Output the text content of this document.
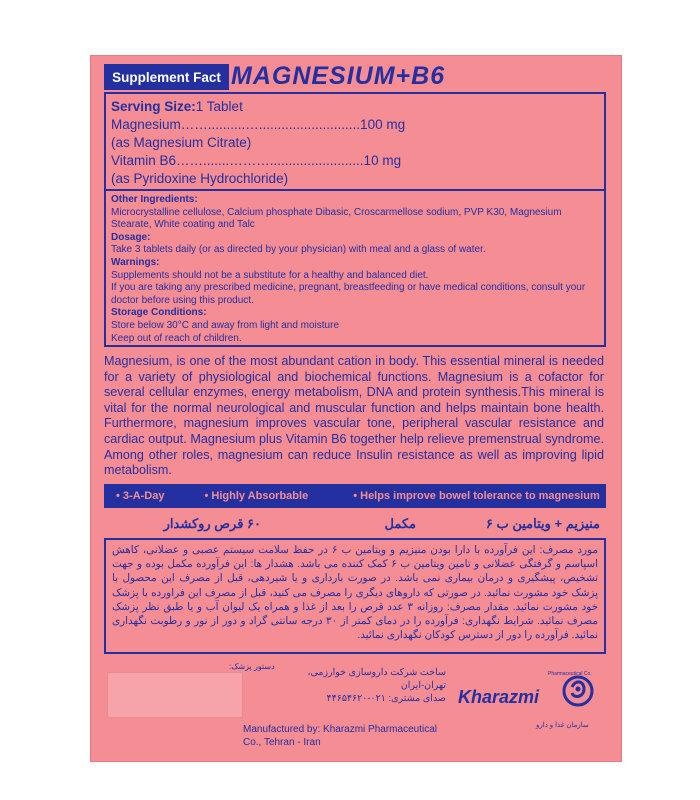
Supplement Fact MAGNESIUM+B6
Serving Size:1 Tablet
Magnesium……..........…...........................100 mg
(as Magnesium Citrate)
Vitamin B6…….......……….........................10 mg
(as Pyridoxine Hydrochloride)
Other Ingredients:
Microcrystalline cellulose, Calcium phosphate Dibasic, Croscarmellose sodium, PVP K30, Magnesium Stearate, White coating and Talc
Dosage:
Take 3 tablets daily (or as directed by your physician) with meal and a glass of water.
Warnings:
Supplements should not be a substitute for a healthy and balanced diet.
If you are taking any prescribed medicine, pregnant, breastfeeding or have medical conditions, consult your doctor before using this product.
Storage Conditions:
Store below 30°C and away from light and moisture
Keep out of reach of children.
Magnesium, is one of the most abundant cation in body. This essential mineral is needed for a variety of physiological and biochemical functions. Magnesium is a cofactor for several cellular enzymes, energy metabolism, DNA and protein synthesis.This mineral is vital for the normal neurological and muscular function and helps maintain bone health. Furthermore, magnesium improves vascular tone, peripheral vascular resistance and cardiac output. Magnesium plus Vitamin B6 together help relieve premenstrual syndrome. Among other roles, magnesium can reduce Insulin resistance as well as improving lipid metabolism.
• 3-A-Day	• Highly Absorbable	• Helps improve bowel tolerance to magnesium
منیزیم + ویتامین ب ۶
مکمل
۶۰ قرص روکشدار
مورد مصرف: این فرآورده با دارا بودن منیزیم و ویتامین ب ۶ در حفظ سلامت سیستم عصبی و عضلانی، کاهش اسپاسم و گرفتگی عضلانی و تامین ویتامین ب ۶ کمک کننده می باشد. هشدار ها: این فرآورده مکمل بوده و جهت تشخیص، پیشگیری و درمان بیماری نمی باشد. در صورت بارداری و یا شیردهی، قبل از مصرف این محصول با پزشک خود مشورت نمائید. در صورتی که داروهای دیگری را مصرف می کنید، قبل از مصرف این فراورده با پزشک خود مشورت نمائید. مقدار مصرف: روزانه ۳ عدد قرص را بعد از غذا و همراه یک لیوان آب و یا طبق نظر پزشک مصرف نمائید. شرایط نگهداری: فرآورده را در دمای کمتر از ۳۰ درجه سانتی گراد و دور از نور و رطوبت نگهداری نمائید. فرآورده را دور از دسترس کودکان نگهداری نمائید.
دستور پزشک:
ساخت شرکت داروسازی خوارزمی، تهران-ایران
صدای مشتری: ۰۲۱-۴۴۶۵۴۶۲۰
Manufactured by: Kharazmi Pharmaceutical
Co., Tehran - Iran
Pharmaceutical Co.
Kharazmi
سازمان غذا و دارو
